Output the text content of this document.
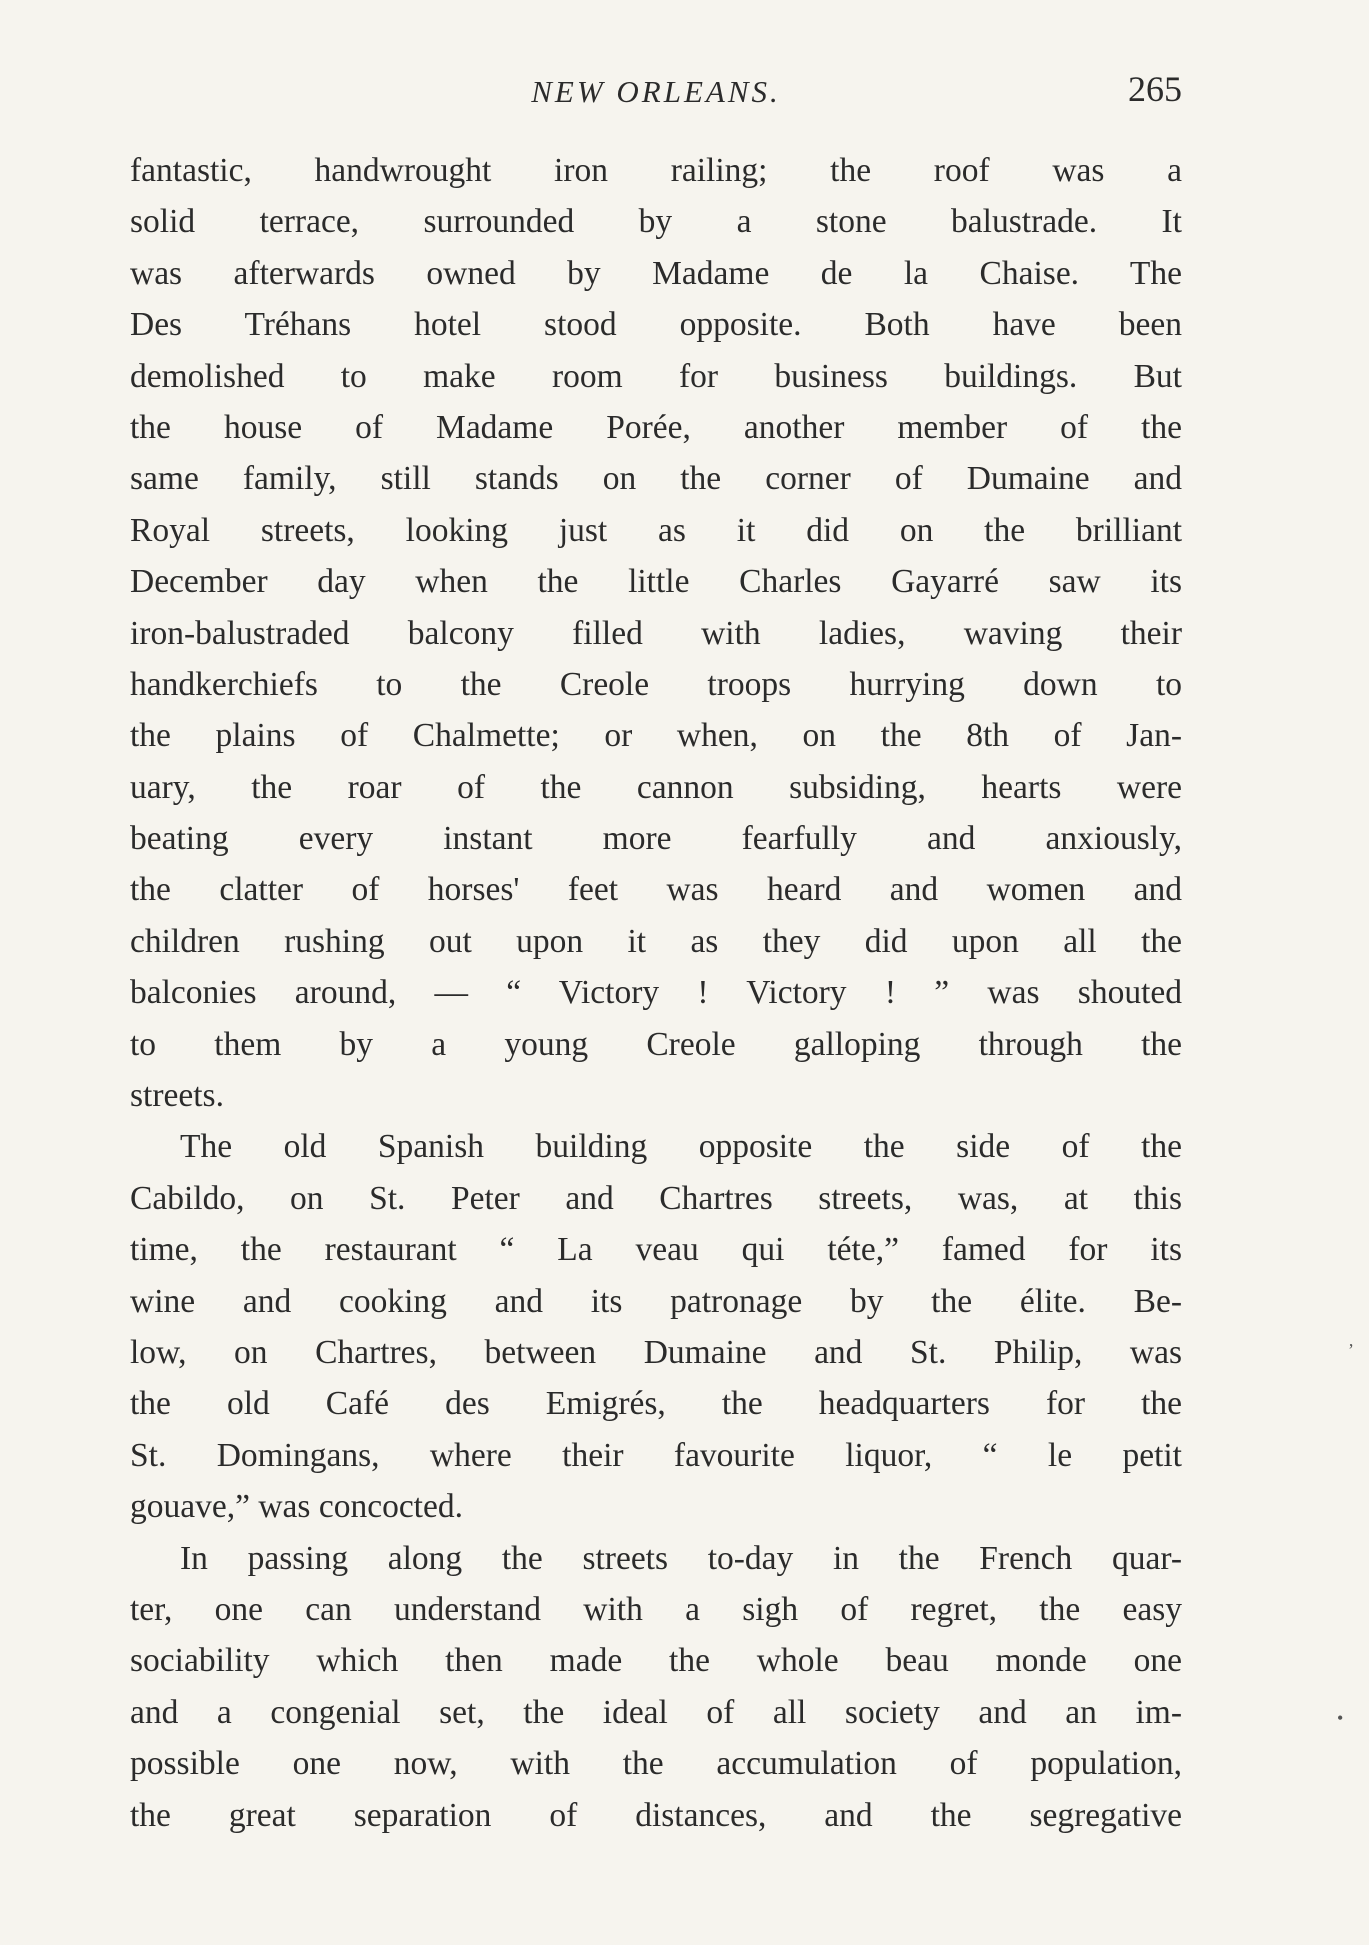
NEW ORLEANS.	265
fantastic, handwrought iron railing; the roof was a
solid terrace, surrounded by a stone balustrade. It
was afterwards owned by Madame de la Chaise. The
Des Tréhans hotel stood opposite. Both have been
demolished to make room for business buildings. But
the house of Madame Porée, another member of the
same family, still stands on the corner of Dumaine and
Royal streets, looking just as it did on the brilliant
December day when the little Charles Gayarré saw its
iron-balustraded balcony filled with ladies, waving their
handkerchiefs to the Creole troops hurrying down to
the plains of Chalmette; or when, on the 8th of Jan-
uary, the roar of the cannon subsiding, hearts were
beating every instant more fearfully and anxiously,
the clatter of horses' feet was heard and women and
children rushing out upon it as they did upon all the
balconies around, — “ Victory ! Victory ! ” was shouted
to them by a young Creole galloping through the
streets.
The old Spanish building opposite the side of the
Cabildo, on St. Peter and Chartres streets, was, at this
time, the restaurant “ La veau qui téte,” famed for its
wine and cooking and its patronage by the élite. Be-
low, on Chartres, between Dumaine and St. Philip, was
the old Café des Emigrés, the headquarters for the
St. Domingans, where their favourite liquor, “ le petit
gouave,” was concocted.
In passing along the streets to-day in the French quar-
ter, one can understand with a sigh of regret, the easy
sociability which then made the whole beau monde one
and a congenial set, the ideal of all society and an im-
possible one now, with the accumulation of population,
the great separation of distances, and the segregative
‚
•
